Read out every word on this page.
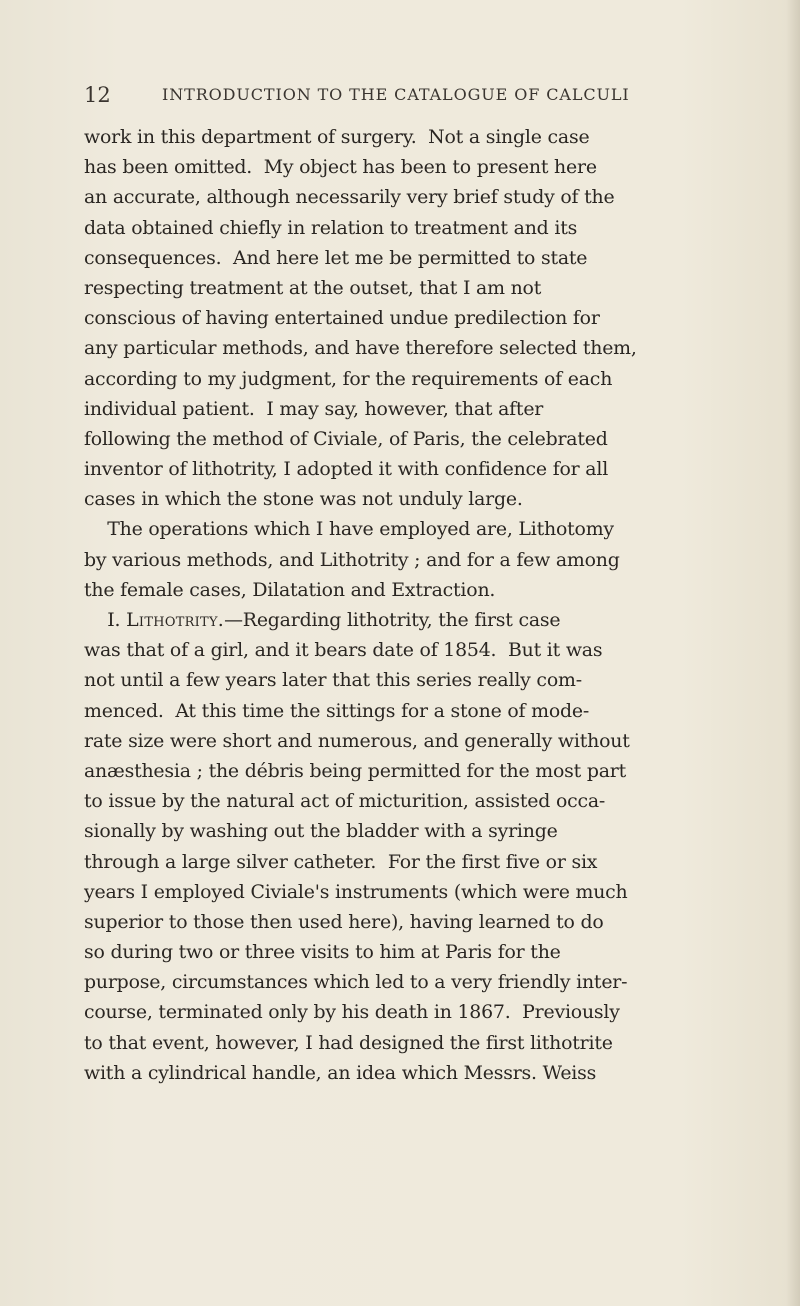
12	INTRODUCTION TO THE CATALOGUE OF CALCULI
work in this department of surgery.  Not a single case
has been omitted.  My object has been to present here
an accurate, although necessarily very brief study of the
data obtained chiefly in relation to treatment and its
consequences.  And here let me be permitted to state
respecting treatment at the outset, that I am not
conscious of having entertained undue predilection for
any particular methods, and have therefore selected them,
according to my judgment, for the requirements of each
individual patient.  I may say, however, that after
following the method of Civiale, of Paris, the celebrated
inventor of lithotrity, I adopted it with confidence for all
cases in which the stone was not unduly large.
The operations which I have employed are, Lithotomy
by various methods, and Lithotrity ; and for a few among
the female cases, Dilatation and Extraction.
I. Lithotrity.—Regarding lithotrity, the first case
was that of a girl, and it bears date of 1854.  But it was
not until a few years later that this series really com-
menced.  At this time the sittings for a stone of mode-
rate size were short and numerous, and generally without
anæsthesia ; the débris being permitted for the most part
to issue by the natural act of micturition, assisted occa-
sionally by washing out the bladder with a syringe
through a large silver catheter.  For the first five or six
years I employed Civiale's instruments (which were much
superior to those then used here), having learned to do
so during two or three visits to him at Paris for the
purpose, circumstances which led to a very friendly inter-
course, terminated only by his death in 1867.  Previously
to that event, however, I had designed the first lithotrite
with a cylindrical handle, an idea which Messrs. Weiss
